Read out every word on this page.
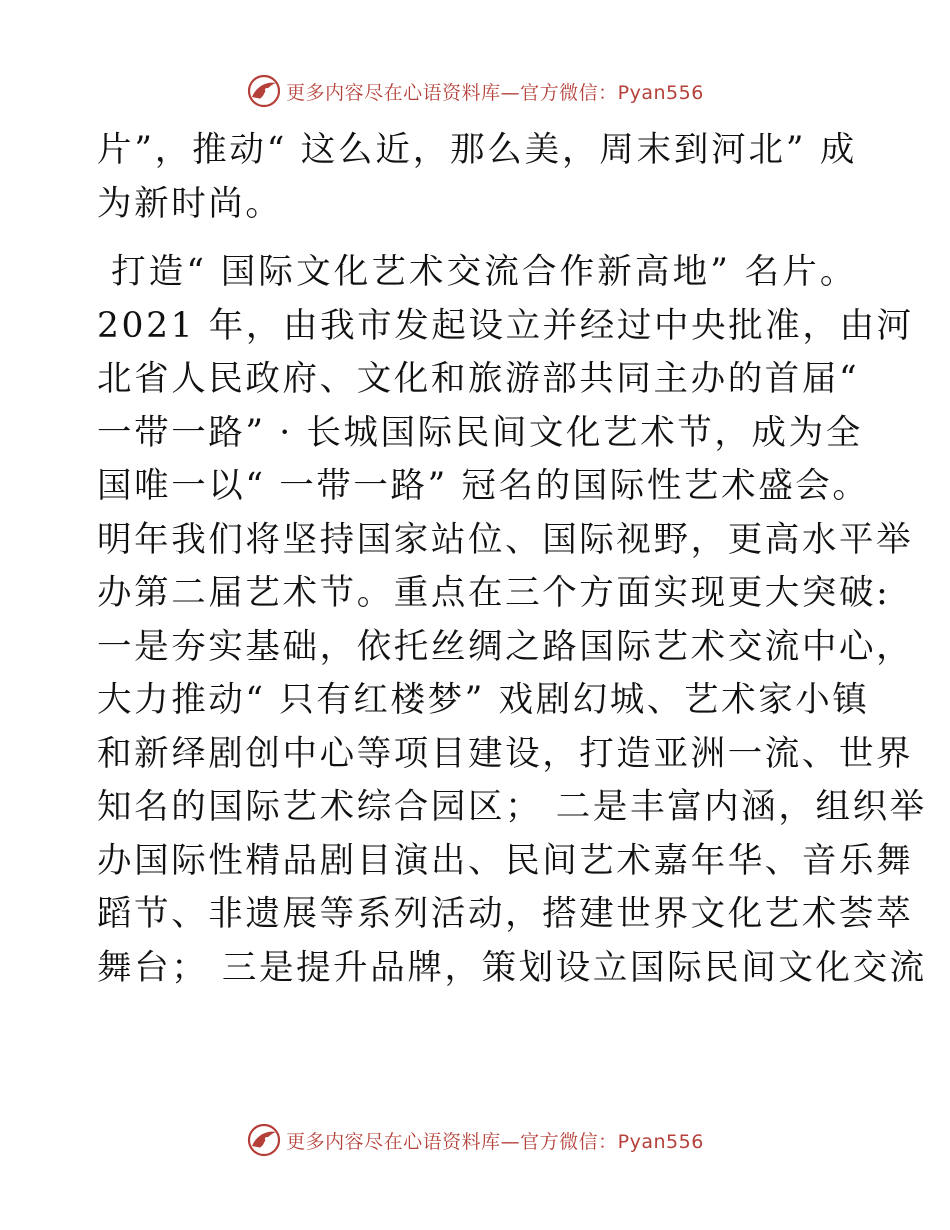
更多内容尽在心语资料库—官方微信：Pyan556

片”，推动“ 这么近，那么美，周末到河北” 成
为新时尚。

打造“ 国际文化艺术交流合作新高地” 名片。
2021 年，由我市发起设立并经过中央批准，由河
北省人民政府、文化和旅游部共同主办的首届“
一带一路” · 长城国际民间文化艺术节，成为全
国唯一以“ 一带一路” 冠名的国际性艺术盛会。
明年我们将坚持国家站位、国际视野，更高水平举
办第二届艺术节。重点在三个方面实现更大突破:
一是夯实基础，依托丝绸之路国际艺术交流中心，
大力推动“ 只有红楼梦” 戏剧幻城、艺术家小镇
和新绎剧创中心等项目建设，打造亚洲一流、世界
知名的国际艺术综合园区； 二是丰富内涵，组织举
办国际性精品剧目演出、民间艺术嘉年华、音乐舞
蹈节、非遗展等系列活动，搭建世界文化艺术荟萃
舞台； 三是提升品牌，策划设立国际民间文化交流

更多内容尽在心语资料库—官方微信：Pyan556
